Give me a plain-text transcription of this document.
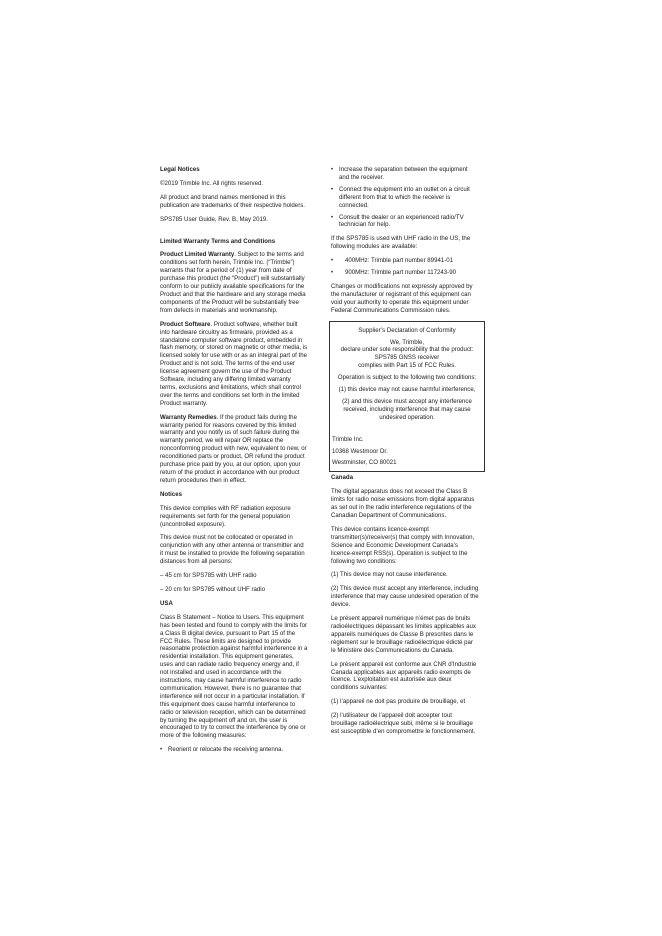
Legal Notices

©2019 Trimble Inc. All rights reserved.

All product and brand names mentioned in this publication are trademarks of their respective holders.

SPS785 User Guide, Rev. B, May 2019.

Limited Warranty Terms and Conditions

Product Limited Warranty. Subject to the terms and conditions set forth herein, Trimble Inc. (“Trimble”) warrants that for a period of (1) year from date of purchase this product (the “Product”) will substantially conform to our publicly available specifications for the Product and that the hardware and any storage media components of the Product will be substantially free from defects in materials and workmanship.

Product Software. Product software, whether built into hardware circuitry as firmware, provided as a standalone computer software product, embedded in flash memory, or stored on magnetic or other media, is licensed solely for use with or as an integral part of the Product and is not sold. The terms of the end user license agreement govern the use of the Product Software, including any differing limited warranty terms, exclusions and limitations, which shall control over the terms and conditions set forth in the limited Product warranty.

Warranty Remedies. If the product fails during the warranty period for reasons covered by this limited warranty and you notify us of such failure during the warranty period, we will repair OR replace the nonconforming product with new, equivalent to new, or reconditioned parts or product, OR refund the product purchase price paid by you, at our option, upon your return of the product in accordance with our product return procedures then in effect.

Notices

This device complies with RF radiation exposure requirements set forth for the general population (uncontrolled exposure).

This device must not be collocated or operated in conjunction with any other antenna or transmitter and it must be installed to provide the following separation distances from all persons:

– 45 cm for SPS785 with UHF radio

– 20 cm for SPS785 without UHF radio

USA

Class B Statement – Notice to Users. This equipment has been tested and found to comply with the limits for a Class B digital device, pursuant to Part 15 of the FCC Rules. These limits are designed to provide reasonable protection against harmful interference in a residential installation. This equipment generates, uses and can radiate radio frequency energy and, if not installed and used in accordance with the instructions, may cause harmful interference to radio communication. However, there is no guarantee that interference will not occur in a particular installation. If this equipment does cause harmful interference to radio or television reception, which can be determined by turning the equipment off and on, the user is encouraged to try to correct the interference by one or more of the following measures:

• Reorient or relocate the receiving antenna.
• Increase the separation between the equipment and the receiver.
• Connect the equipment into an outlet on a circuit different from that to which the receiver is connected.
• Consult the dealer or an experienced radio/TV technician for help.

If the SPS785 is used with UHF radio in the US, the following modules are available:

• 400MHz: Trimble part number 89941-01
• 900MHz: Trimble part number 117243-90

Changes or modifications not expressly approved by the manufacturer or registrant of this equipment can void your authority to operate this equipment under Federal Communications Commission rules.

Supplier’s Declaration of Conformity

We, Trimble,

declare under sole responsibility that the product:

SPS785 GNSS receiver

complies with Part 15 of FCC Rules.

Operation is subject to the following two conditions:

(1) this device may not cause harmful interference,

(2) and this device must accept any interference received, including interference that may cause undesired operation.

Trimble Inc.

10368 Westmoor Dr.

Westminster, CO 80021

Canada

The digital apparatus does not exceed the Class B limits for radio noise emissions from digital apparatus as set out in the radio interference regulations of the Canadian Department of Communications.

This device contains licence-exempt transmitter(s)/receiver(s) that comply with Innovation, Science and Economic Development Canada’s licence-exempt RSS(s). Operation is subject to the following two conditions:

(1) This device may not cause interference.

(2) This device must accept any interference, including interference that may cause undesired operation of the device.

Le présent appareil numérique n’émet pas de bruits radioélectriques dépassant les limites applicables aux appareils numériques de Classe B prescrites dans le règlement sur le brouillage radioélectrique édicté par le Ministère des Communications du Canada.

Le présent appareil est conforme aux CNR d’Industrie Canada applicables aux appareils radio exempts de licence. L’exploitation est autorisée aux deux conditions suivantes:

(1) l’appareil ne doit pas produire de brouillage, et

(2) l’utilisateur de l’appareil doit accepter tout brouillage radioélectrique subi, même si le brouillage est susceptible d’en compromettre le fonctionnement.
